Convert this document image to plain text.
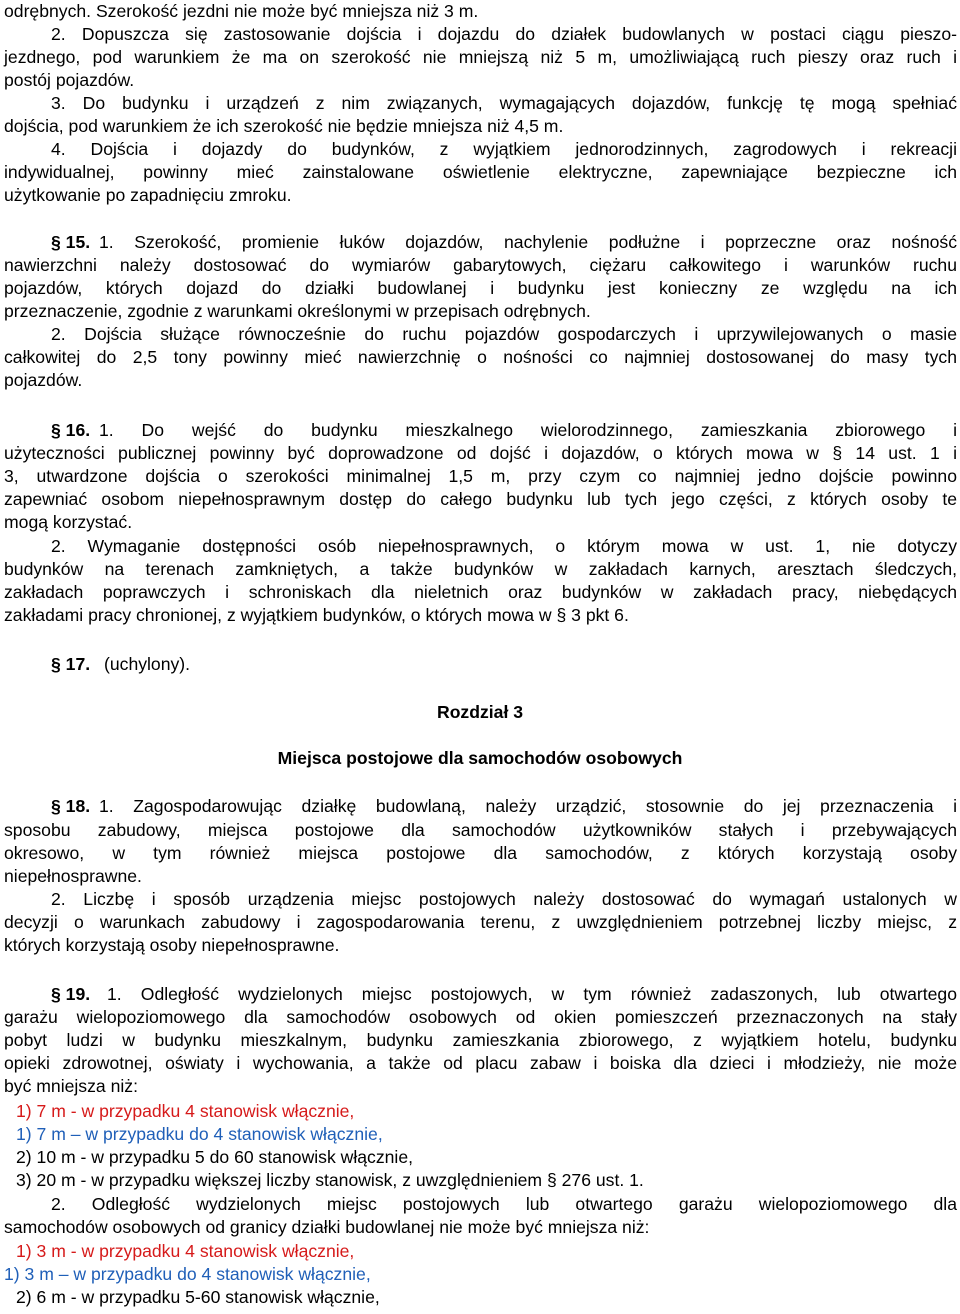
odrębnych. Szerokość jezdni nie może być mniejsza niż 3 m.
2. Dopuszcza się zastosowanie dojścia i dojazdu do działek budowlanych w postaci ciągu pieszo-
jezdnego, pod warunkiem że ma on szerokość nie mniejszą niż 5 m, umożliwiającą ruch pieszy oraz ruch i
postój pojazdów.
3. Do budynku i urządzeń z nim związanych, wymagających dojazdów, funkcję tę mogą spełniać
dojścia, pod warunkiem że ich szerokość nie będzie mniejsza niż 4,5 m.
4. Dojścia i dojazdy do budynków, z wyjątkiem jednorodzinnych, zagrodowych i rekreacji
indywidualnej, powinny mieć zainstalowane oświetlenie elektryczne, zapewniające bezpieczne ich
użytkowanie po zapadnięciu zmroku.
§ 15. 1. Szerokość, promienie łuków dojazdów, nachylenie podłużne i poprzeczne oraz nośność
nawierzchni należy dostosować do wymiarów gabarytowych, ciężaru całkowitego i warunków ruchu
pojazdów, których dojazd do działki budowlanej i budynku jest konieczny ze względu na ich
przeznaczenie, zgodnie z warunkami określonymi w przepisach odrębnych.
2. Dojścia służące równocześnie do ruchu pojazdów gospodarczych i uprzywilejowanych o masie
całkowitej do 2,5 tony powinny mieć nawierzchnię o nośności co najmniej dostosowanej do masy tych
pojazdów.
§ 16. 1. Do wejść do budynku mieszkalnego wielorodzinnego, zamieszkania zbiorowego i
użyteczności publicznej powinny być doprowadzone od dojść i dojazdów, o których mowa w § 14 ust. 1 i
3, utwardzone dojścia o szerokości minimalnej 1,5 m, przy czym co najmniej jedno dojście powinno
zapewniać osobom niepełnosprawnym dostęp do całego budynku lub tych jego części, z których osoby te
mogą korzystać.
2. Wymaganie dostępności osób niepełnosprawnych, o którym mowa w ust. 1, nie dotyczy
budynków na terenach zamkniętych, a także budynków w zakładach karnych, aresztach śledczych,
zakładach poprawczych i schroniskach dla nieletnich oraz budynków w zakładach pracy, niebędących
zakładami pracy chronionej, z wyjątkiem budynków, o których mowa w § 3 pkt 6.
§ 17. (uchylony).
Rozdział 3
Miejsca postojowe dla samochodów osobowych
§ 18. 1. Zagospodarowując działkę budowlaną, należy urządzić, stosownie do jej przeznaczenia i
sposobu zabudowy, miejsca postojowe dla samochodów użytkowników stałych i przebywających
okresowo, w tym również miejsca postojowe dla samochodów, z których korzystają osoby
niepełnosprawne.
2. Liczbę i sposób urządzenia miejsc postojowych należy dostosować do wymagań ustalonych w
decyzji o warunkach zabudowy i zagospodarowania terenu, z uwzględnieniem potrzebnej liczby miejsc, z
których korzystają osoby niepełnosprawne.
§ 19. 1. Odległość wydzielonych miejsc postojowych, w tym również zadaszonych, lub otwartego
garażu wielopoziomowego dla samochodów osobowych od okien pomieszczeń przeznaczonych na stały
pobyt ludzi w budynku mieszkalnym, budynku zamieszkania zbiorowego, z wyjątkiem hotelu, budynku
opieki zdrowotnej, oświaty i wychowania, a także od placu zabaw i boiska dla dzieci i młodzieży, nie może
być mniejsza niż:
1) 7 m - w przypadku 4 stanowisk włącznie,
1) 7 m – w przypadku do 4 stanowisk włącznie,
2) 10 m - w przypadku 5 do 60 stanowisk włącznie,
3) 20 m - w przypadku większej liczby stanowisk, z uwzględnieniem § 276 ust. 1.
2. Odległość wydzielonych miejsc postojowych lub otwartego garażu wielopoziomowego dla
samochodów osobowych od granicy działki budowlanej nie może być mniejsza niż:
1) 3 m - w przypadku 4 stanowisk włącznie,
1) 3 m – w przypadku do 4 stanowisk włącznie,
2) 6 m - w przypadku 5-60 stanowisk włącznie,
